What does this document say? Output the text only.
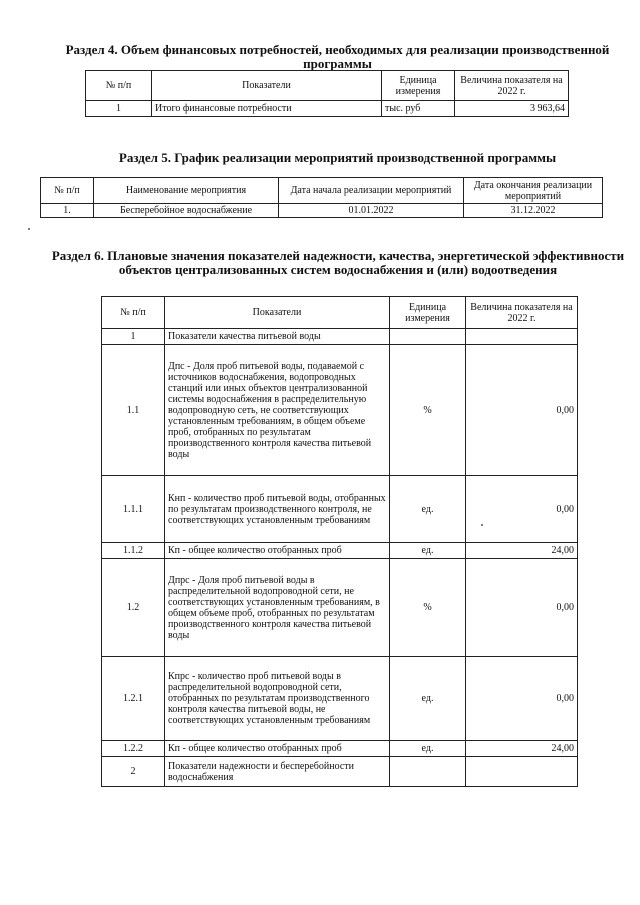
Раздел 4. Объем финансовых потребностей, необходимых для реализации производственной программы
№ п/п	Показатели	Единица измерения	Величина показателя на 2022 г.
1	Итого финансовые потребности	тыс. руб	3 963,64
Раздел 5. График реализации мероприятий производственной программы
№ п/п	Наименование мероприятия	Дата начала реализации мероприятий	Дата окончания реализации мероприятий
1.	Бесперебойное водоснабжение	01.01.2022	31.12.2022
Раздел 6. Плановые значения показателей надежности, качества, энергетической эффективности объектов централизованных систем водоснабжения и (или) водоотведения
№ п/п	Показатели	Единица измерения	Величина показателя на 2022 г.
1	Показатели качества питьевой воды		
1.1	Дпс - Доля проб питьевой воды, подаваемой с источников водоснабжения, водопроводных станций или иных объектов централизованной системы водоснабжения в распределительную водопроводную сеть, не соответствующих установленным требованиям, в общем объеме проб, отобранных по результатам производственного контроля качества питьевой воды	%	0,00
1.1.1	Кнп - количество проб питьевой воды, отобранных по результатам производственного контроля, не соответствующих установленным требованиям	ед.	0,00
1.1.2	Кп - общее количество отобранных проб	ед.	24,00
1.2	Дпрс - Доля проб питьевой воды в распределительной водопроводной сети, не соответствующих установленным требованиям, в общем объеме проб, отобранных по результатам производственного контроля качества питьевой воды	%	0,00
1.2.1	Кпрс - количество проб питьевой воды в распределительной водопроводной сети, отобранных по результатам производственного контроля качества питьевой воды, не соответствующих установленным требованиям	ед.	0,00
1.2.2	Кп - общее количество отобранных проб	ед.	24,00
2	Показатели надежности и бесперебойности водоснабжения		
